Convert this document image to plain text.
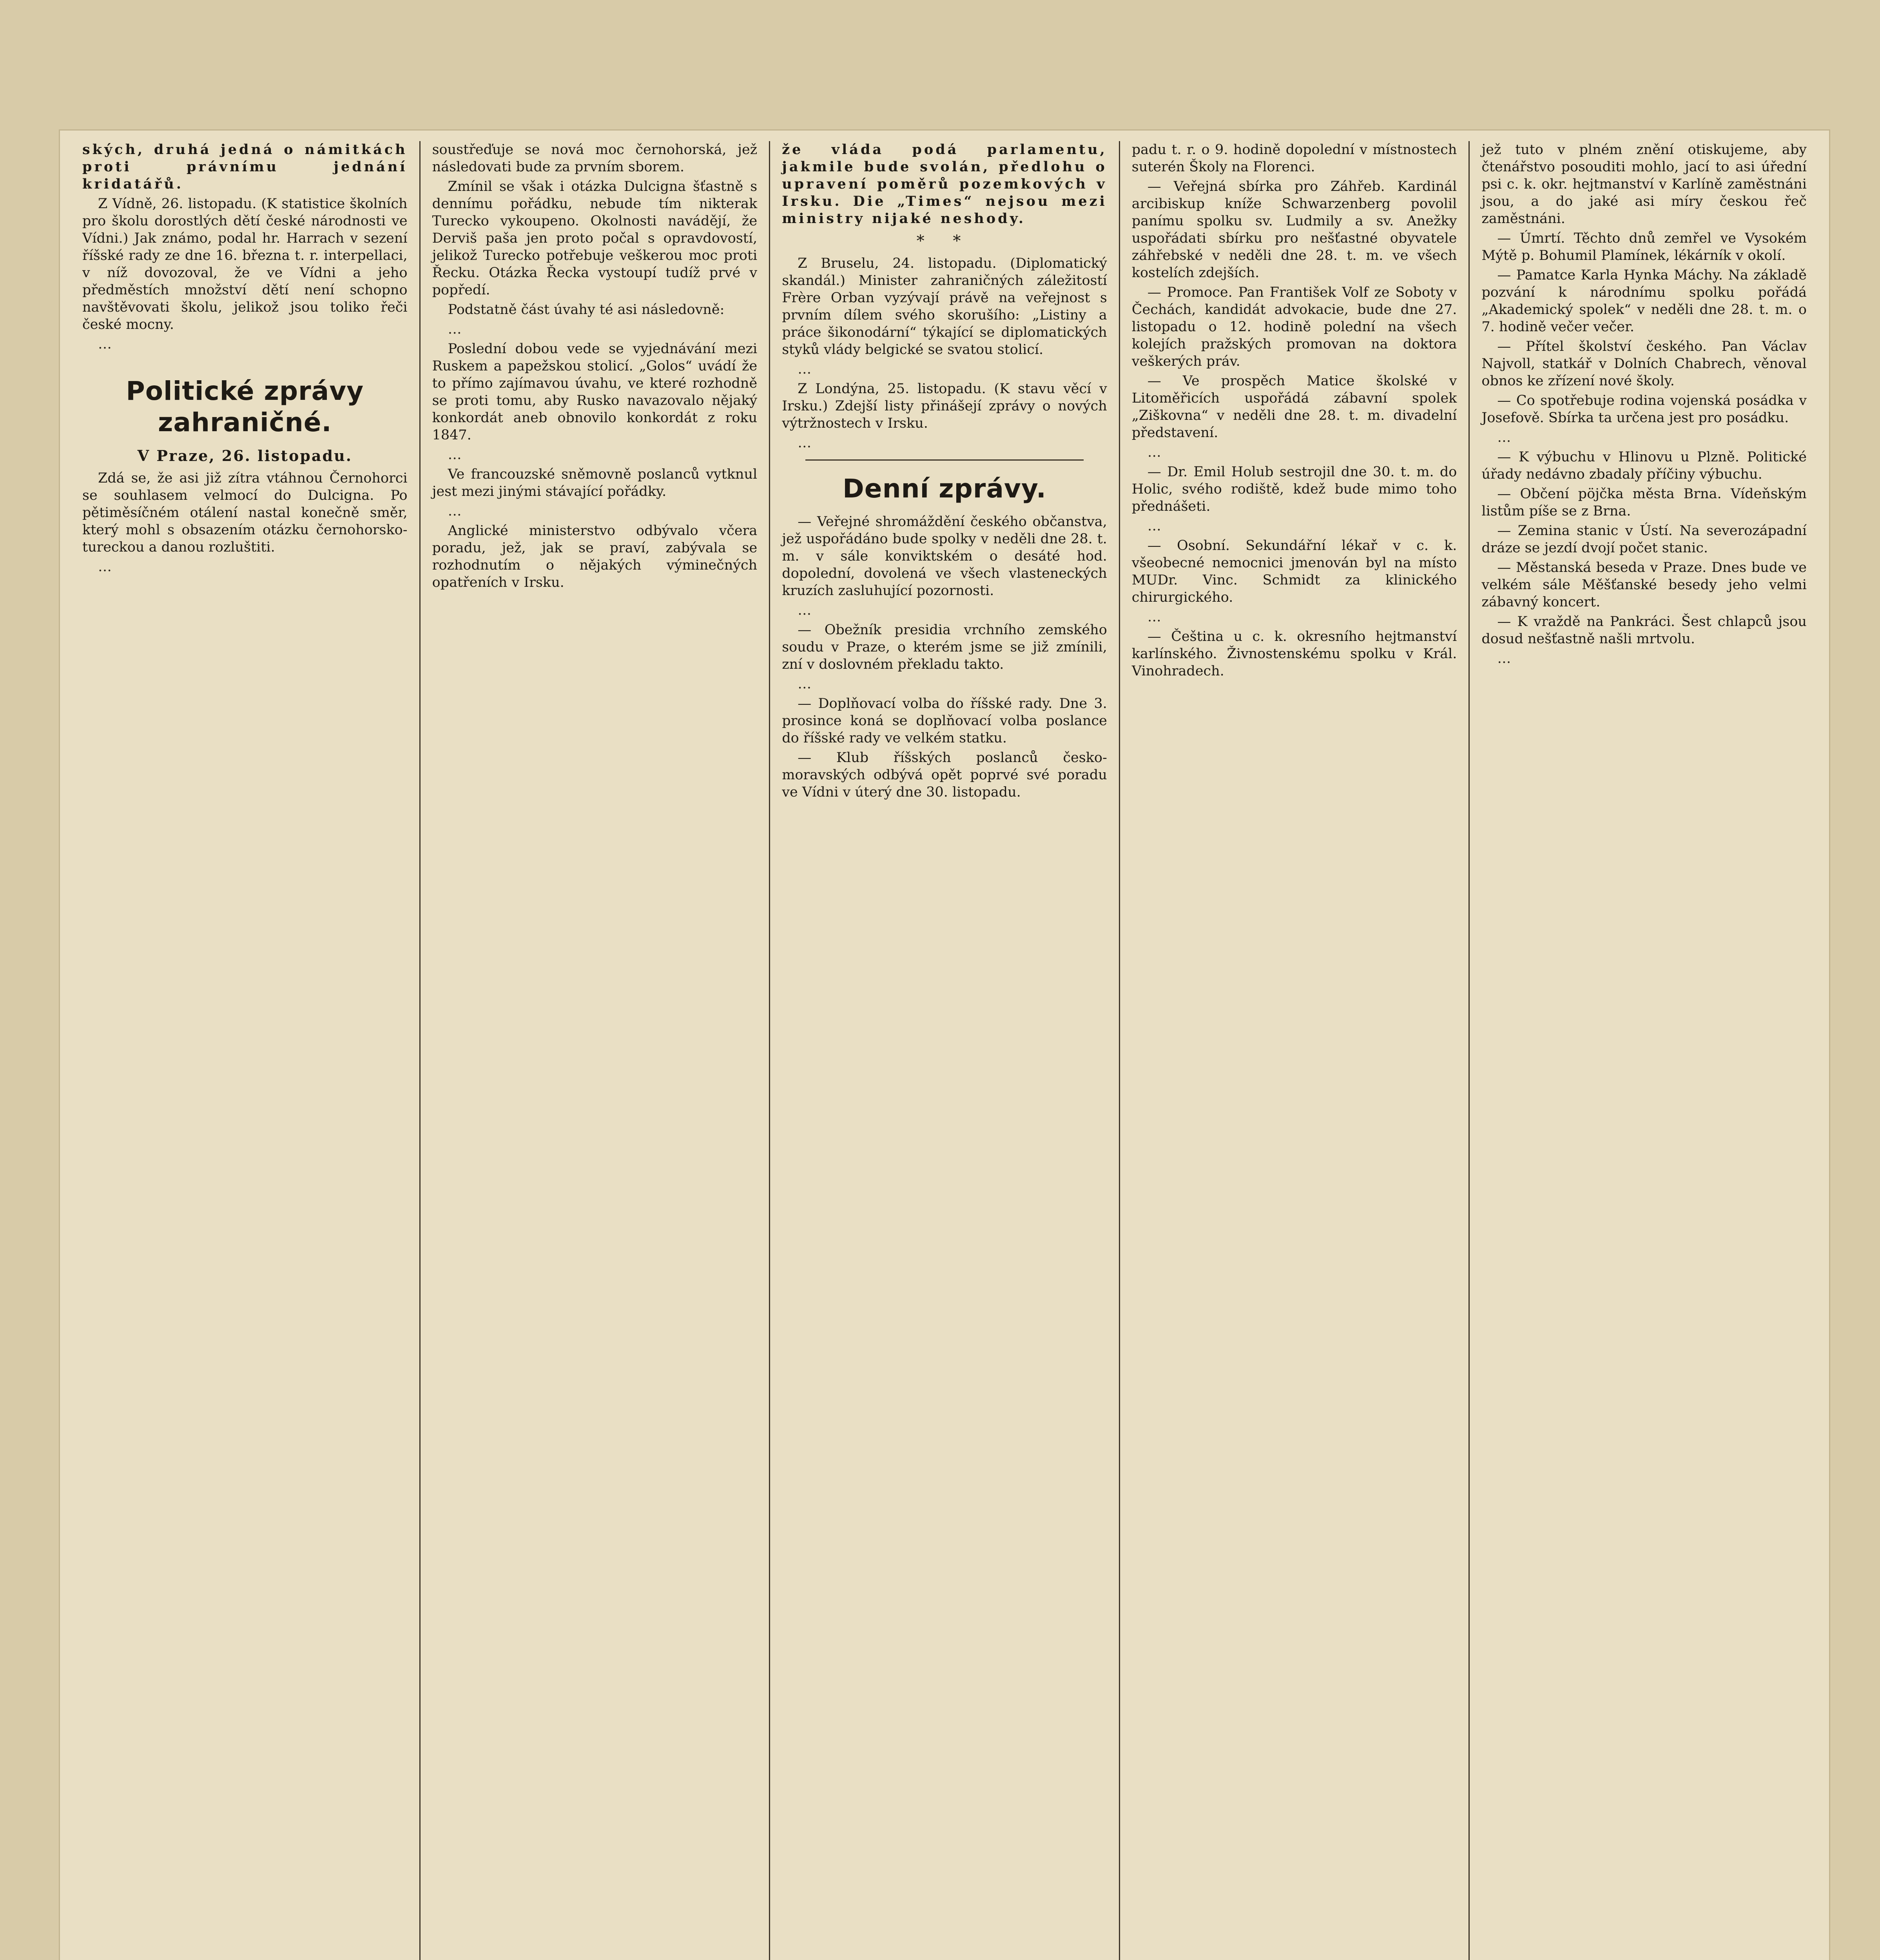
ských, druhá jedná o námitkách proti právnímu jednání kridatářů.

Z Vídně, 26. listopadu. (K statistice školních pro školu dorostlých dětí české národnosti ve Vídni.) Jak známo, podal hr. Harrach v sezení říšské rady ze dne 16. března t. r. interpellaci, v níž dovozoval, že ve Vídni a jeho předměstích množství dětí není schopno navštěvovati školu, jelikož jsou toliko řeči české mocny.

…

Politické zprávy zahraničné.
V Praze, 26. listopadu.

Zdá se, že asi již zítra vtáhnou Černohorci se souhlasem velmocí do Dulcigna. Po pětiměsíčném otálení nastal konečně směr, který mohl s obsazením otázku černohorsko-tureckou a danou rozluštiti.

…

soustřeďuje se nová moc černohorská, jež následovati bude za prvním sborem.

Zmínil se však i otázka Dulcigna šťastně s dennímu pořádku, nebude tím nikterak Turecko vykoupeno. Okolnosti navádějí, že Derviš paša jen proto počal s opravdovostí, jelikož Turecko potřebuje veškerou moc proti Řecku. Otázka Řecka vystoupí tudíž prvé v popředí.

Podstatně část úvahy té asi následovně:

…

Poslední dobou vede se vyjednávání mezi Ruskem a papežskou stolicí. „Golos“ uvádí že to přímo zajímavou úvahu, ve které rozhodně se proti tomu, aby Rusko navazovalo nějaký konkordát aneb obnovilo konkordát z roku 1847.

…

Ve francouzské sněmovně poslanců vytknul jest mezi jinými stávající pořádky.

…

Anglické ministerstvo odbývalo včera poradu, jež, jak se praví, zabývala se rozhodnutím o nějakých výminečných opatřeních v Irsku.

že vláda podá parlamentu, jakmile bude svolán, předlohu o upravení poměrů pozemkových v Irsku. Die „Times“ nejsou mezi ministry nijaké neshody.

* *

Z Bruselu, 24. listopadu. (Diplomatický skandál.) Minister zahraničných záležitostí Frère Orban vyzývají právě na veřejnost s prvním dílem svého skorušího: „Listiny a práce šikonodární“ týkající se diplomatických styků vlády belgické se svatou stolicí.

…

Z Londýna, 25. listopadu. (K stavu věcí v Irsku.) Zdejší listy přinášejí zprávy o nových výtržnostech v Irsku.

…

Denní zprávy.

— Veřejné shromáždění českého občanstva, jež uspořádáno bude spolky v neděli dne 28. t. m. v sále konviktském o desáté hod. dopolední, dovolená ve všech vlasteneckých kruzích zasluhující pozornosti.

…

— Obežník presidia vrchního zemského soudu v Praze, o kterém jsme se již zmínili, zní v doslovném překladu takto.

…

— Doplňovací volba do říšské rady. Dne 3. prosince koná se doplňovací volba poslance do říšské rady ve velkém statku.

— Klub říšských poslanců česko-moravských odbývá opět poprvé své poradu ve Vídni v úterý dne 30. listopadu.

padu t. r. o 9. hodině dopolední v místnostech suterén Školy na Florenci.

— Veřejná sbírka pro Záhřeb. Kardinál arcibiskup kníže Schwarzenberg povolil panímu spolku sv. Ludmily a sv. Anežky uspořádati sbírku pro nešťastné obyvatele záhřebské v neděli dne 28. t. m. ve všech kostelích zdejších.

— Promoce. Pan František Volf ze Soboty v Čechách, kandidát advokacie, bude dne 27. listopadu o 12. hodině polední na všech kolejích pražských promovan na doktora veškerých práv.

— Ve prospěch Matice školské v Litoměřicích uspořádá zábavní spolek „Ziškovna“ v neděli dne 28. t. m. divadelní představení.

…

— Dr. Emil Holub sestrojil dne 30. t. m. do Holic, svého rodiště, kdež bude mimo toho přednášeti.

…

— Osobní. Sekundářní lékař v c. k. všeobecné nemocnici jmenován byl na místo MUDr. Vinc. Schmidt za klinického chirurgického.

…

— Čeština u c. k. okresního hejtmanství karlínského. Živnostenskému spolku v Král. Vinohradech.

jež tuto v plném znění otiskujeme, aby čtenářstvo posouditi mohlo, jací to asi úřední psi c. k. okr. hejtmanství v Karlíně zaměstnáni jsou, a do jaké asi míry českou řeč zaměstnáni.

— Úmrtí. Těchto dnů zemřel ve Vysokém Mýtě p. Bohumil Plamínek, lékárník v okolí.

— Pamatce Karla Hynka Máchy. Na základě pozvání k národnímu spolku pořádá „Akademický spolek“ v neděli dne 28. t. m. o 7. hodině večer večer.

— Přítel školství českého. Pan Václav Najvoll, statkář v Dolních Chabrech, věnoval obnos ke zřízení nové školy.

— Co spotřebuje rodina vojenská posádka v Josefově. Sbírka ta určena jest pro posádku.

…

— K výbuchu v Hlinovu u Plzně. Politické úřady nedávno zbadaly příčiny výbuchu.

— Občení pöjčka města Brna. Vídeňským listům píše se z Brna.

— Zemina stanic v Ústí. Na severozápadní dráze se jezdí dvojí počet stanic.

— Městanská beseda v Praze. Dnes bude ve velkém sále Měšťanské besedy jeho velmi zábavný koncert.

— K vraždě na Pankráci. Šest chlapců jsou dosud nešťastně našli mrtvolu.

…
